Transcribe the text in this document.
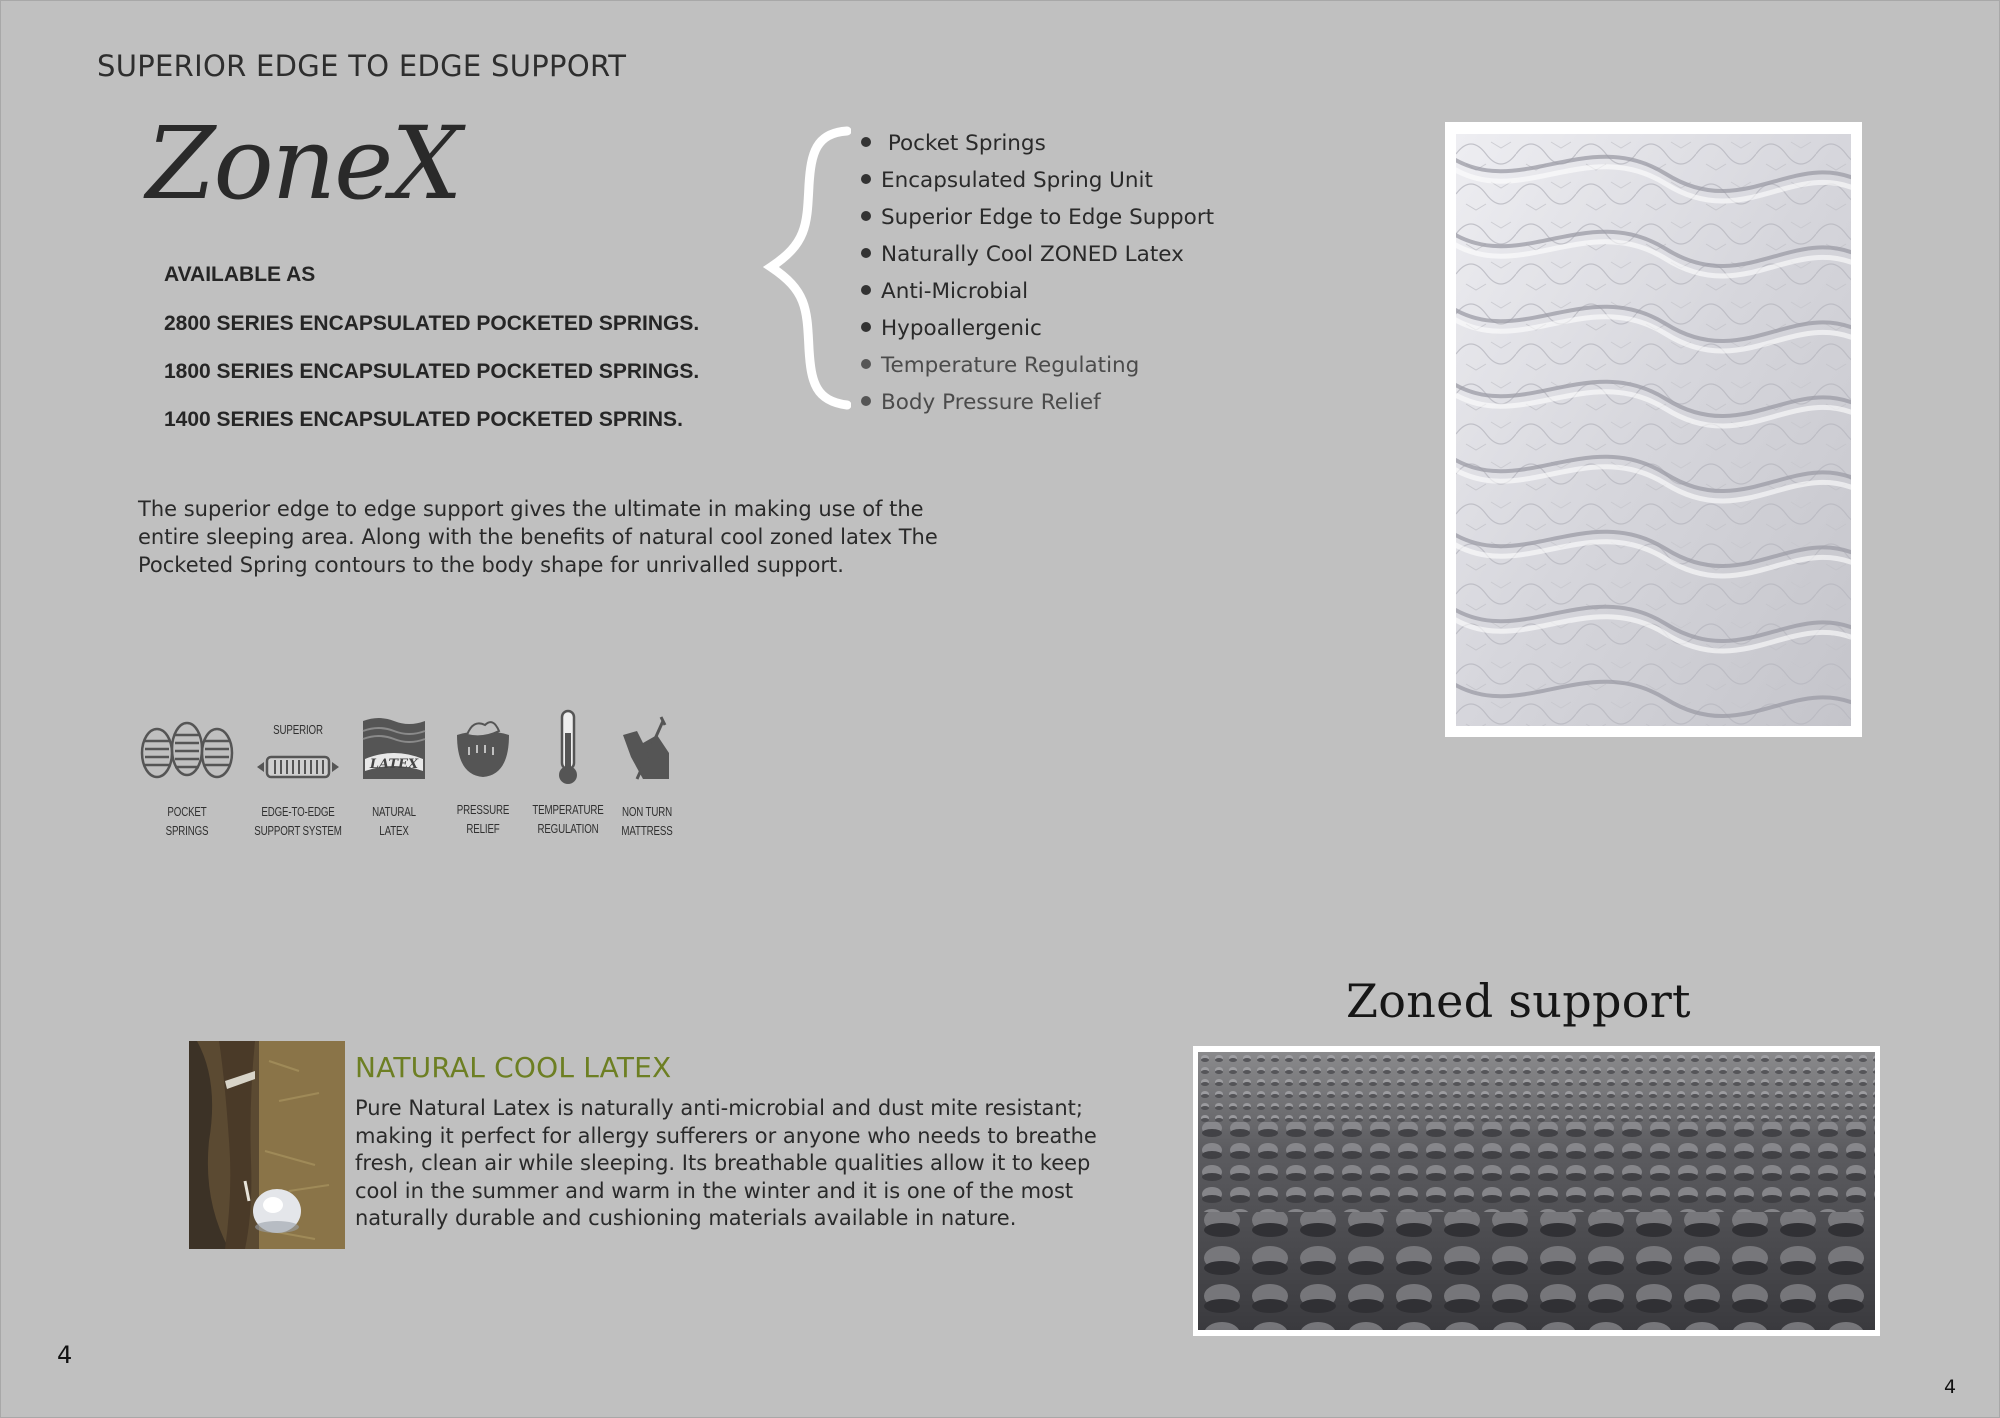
SUPERIOR EDGE TO EDGE SUPPORT
ZoneX
AVAILABLE AS
2800 SERIES ENCAPSULATED POCKETED SPRINGS.
1800 SERIES ENCAPSULATED POCKETED SPRINGS.
1400 SERIES ENCAPSULATED POCKETED SPRINS.
Pocket Springs
Encapsulated Spring Unit
Superior Edge to Edge Support
Naturally Cool ZONED Latex
Anti-Microbial
Hypoallergenic
Temperature Regulating
Body Pressure Relief
The superior edge to edge support gives the ultimate in making use of the entire sleeping area. Along with the benefits of natural cool zoned latex The Pocketed Spring contours to the body shape for unrivalled support.
POCKET
SPRINGS
SUPERIOR
EDGE-TO-EDGE
SUPPORT SYSTEM
LATEX
NATURAL
LATEX
PRESSURE
RELIEF
TEMPERATURE
REGULATION
NON TURN
MATTRESS
Zoned support
NATURAL COOL LATEX
Pure Natural Latex is naturally anti-microbial and dust mite resistant; making it perfect for allergy sufferers or anyone who needs to breathe fresh, clean air while sleeping. Its breathable qualities allow it to keep cool in the summer and warm in the winter and it is one of the most naturally durable and cushioning materials available in nature.
4
4
